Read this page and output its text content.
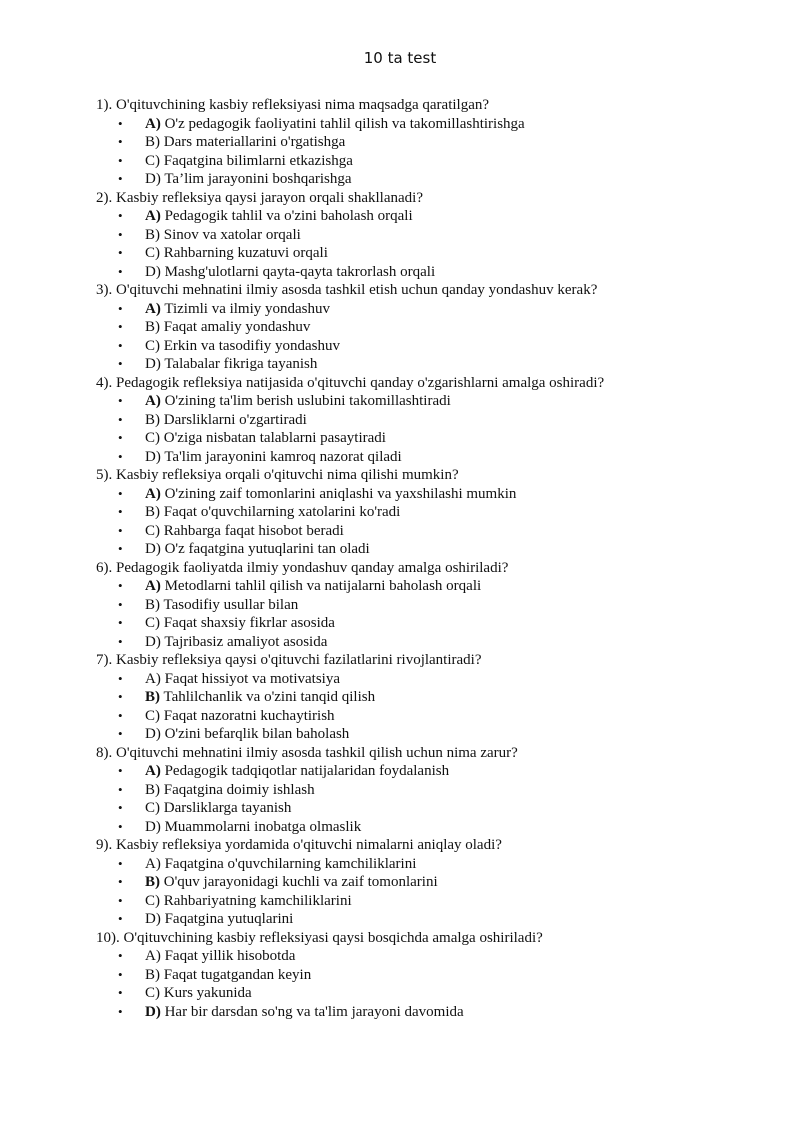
10 ta test
1). O'qituvchining kasbiy refleksiyasi nima maqsadga qaratilgan?
• A) O'z pedagogik faoliyatini tahlil qilish va takomillashtirishga
• B) Dars materiallarini o'rgatishga
• C) Faqatgina bilimlarni etkazishga
• D) Ta’lim jarayonini boshqarishga
2). Kasbiy refleksiya qaysi jarayon orqali shakllanadi?
• A) Pedagogik tahlil va o'zini baholash orqali
• B) Sinov va xatolar orqali
• C) Rahbarning kuzatuvi orqali
• D) Mashg'ulotlarni qayta-qayta takrorlash orqali
3). O'qituvchi mehnatini ilmiy asosda tashkil etish uchun qanday yondashuv kerak?
• A) Tizimli va ilmiy yondashuv
• B) Faqat amaliy yondashuv
• C) Erkin va tasodifiy yondashuv
• D) Talabalar fikriga tayanish
4). Pedagogik refleksiya natijasida o'qituvchi qanday o'zgarishlarni amalga oshiradi?
• A) O'zining ta'lim berish uslubini takomillashtiradi
• B) Darsliklarni o'zgartiradi
• C) O'ziga nisbatan talablarni pasaytiradi
• D) Ta'lim jarayonini kamroq nazorat qiladi
5). Kasbiy refleksiya orqali o'qituvchi nima qilishi mumkin?
• A) O'zining zaif tomonlarini aniqlashi va yaxshilashi mumkin
• B) Faqat o'quvchilarning xatolarini ko'radi
• C) Rahbarga faqat hisobot beradi
• D) O'z faqatgina yutuqlarini tan oladi
6). Pedagogik faoliyatda ilmiy yondashuv qanday amalga oshiriladi?
• A) Metodlarni tahlil qilish va natijalarni baholash orqali
• B) Tasodifiy usullar bilan
• C) Faqat shaxsiy fikrlar asosida
• D) Tajribasiz amaliyot asosida
7). Kasbiy refleksiya qaysi o'qituvchi fazilatlarini rivojlantiradi?
• A) Faqat hissiyot va motivatsiya
• B) Tahlilchanlik va o'zini tanqid qilish
• C) Faqat nazoratni kuchaytirish
• D) O'zini befarqlik bilan baholash
8). O'qituvchi mehnatini ilmiy asosda tashkil qilish uchun nima zarur?
• A) Pedagogik tadqiqotlar natijalaridan foydalanish
• B) Faqatgina doimiy ishlash
• C) Darsliklarga tayanish
• D) Muammolarni inobatga olmaslik
9). Kasbiy refleksiya yordamida o'qituvchi nimalarni aniqlay oladi?
• A) Faqatgina o'quvchilarning kamchiliklarini
• B) O'quv jarayonidagi kuchli va zaif tomonlarini
• C) Rahbariyatning kamchiliklarini
• D) Faqatgina yutuqlarini
10). O'qituvchining kasbiy refleksiyasi qaysi bosqichda amalga oshiriladi?
• A) Faqat yillik hisobotda
• B) Faqat tugatgandan keyin
• C) Kurs yakunida
• D) Har bir darsdan so'ng va ta'lim jarayoni davomida
